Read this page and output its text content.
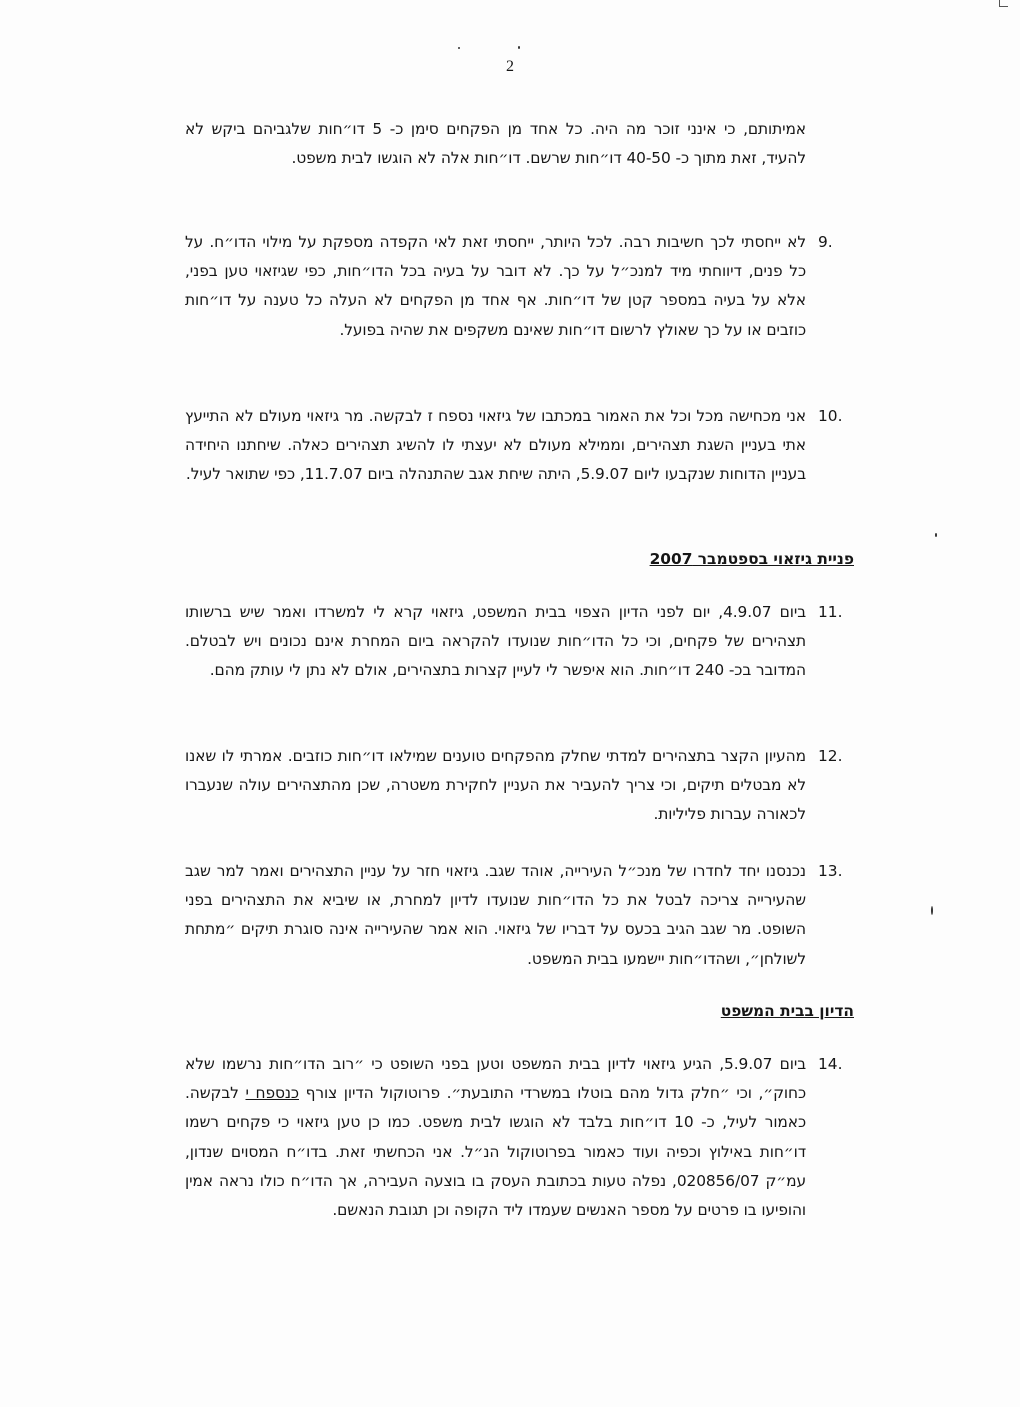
2
אמיתותם, כי אינני זוכר מה היה. כל אחד מן הפקחים סימן כ- 5 דו״חות שלגביהם ביקש לא להעיד, זאת מתוך כ- 40-50 דו״חות שרשם. דו״חות אלה לא הוגשו לבית משפט.
9.
לא ייחסתי לכך חשיבות רבה. לכל היותר, ייחסתי זאת לאי הקפדה מספקת על מילוי הדו״ח. על כל פנים, דיווחתי מיד למנכ״ל על כך. לא דובר על בעיה בכל הדו״חות, כפי שגיזאוי טען בפני, אלא על בעיה במספר קטן של דו״חות. אף אחד מן הפקחים לא העלה כל טענה על דו״חות כוזבים או על כך שאולץ לרשום דו״חות שאינם משקפים את שהיה בפועל.
10.
אני מכחישה מכל וכל את האמור במכתבו של גיזאוי נספח ז לבקשה. מר גיזאוי מעולם לא התייעץ אתי בעניין השגת תצהירים, וממילא מעולם לא יעצתי לו להשיג תצהירים כאלה. שיחתנו היחידה בעניין הדוחות שנקבעו ליום 5.9.07, היתה שיחת אגב שהתנהלה ביום 11.7.07, כפי שתואר לעיל.
פניית גיזאוי בספטמבר 2007
11.
ביום 4.9.07, יום לפני הדיון הצפוי בבית המשפט, גיזאוי קרא לי למשרדו ואמר שיש ברשותו תצהירים של פקחים, וכי כל הדו״חות שנועדו להקראה ביום המחרת אינם נכונים ויש לבטלם. המדובר בכ- 240 דו״חות. הוא איפשר לי לעיין קצרות בתצהירים, אולם לא נתן לי עותק מהם.
12.
מהעיון הקצר בתצהירים למדתי שחלק מהפקחים טוענים שמילאו דו״חות כוזבים. אמרתי לו שאנו לא מבטלים תיקים, וכי צריך להעביר את העניין לחקירת משטרה, שכן מהתצהירים עולה שנעברו לכאורה עברות פליליות.
13.
נכנסנו יחד לחדרו של מנכ״ל העירייה, אוהד שגב. גיזאוי חזר על עניין התצהירים ואמר למר שגב שהעירייה צריכה לבטל את כל הדו״חות שנועדו לדיון למחרת, או שיביא את התצהירים בפני השופט. מר שגב הגיב בכעס על דבריו של גיזאוי. הוא אמר שהעירייה אינה סוגרת תיקים ״מתחת לשולחן״, ושהדו״חות יישמעו בבית המשפט.
הדיון בבית המשפט
14.
ביום 5.9.07, הגיע גיזאוי לדיון בבית המשפט וטען בפני השופט כי ״רוב הדו״חות נרשמו שלא כחוק״, וכי ״חלק גדול מהם בוטלו במשרדי התובעת״. פרוטוקול הדיון צורף כנספח י לבקשה. כאמור לעיל, כ- 10 דו״חות בלבד לא הוגשו לבית משפט. כמו כן טען גיזאוי כי פקחים רשמו דו״חות באילוץ וכפיה ועוד כאמור בפרוטוקול הנ״ל. אני הכחשתי זאת. בדו״ח המסוים שנדון, עמ״ק 020856/07, נפלה טעות בכתובת העסק בו בוצעה העבירה, אך הדו״ח כולו נראה אמין והופיעו בו פרטים על מספר האנשים שעמדו ליד הקופה וכן תגובת הנאשם.
